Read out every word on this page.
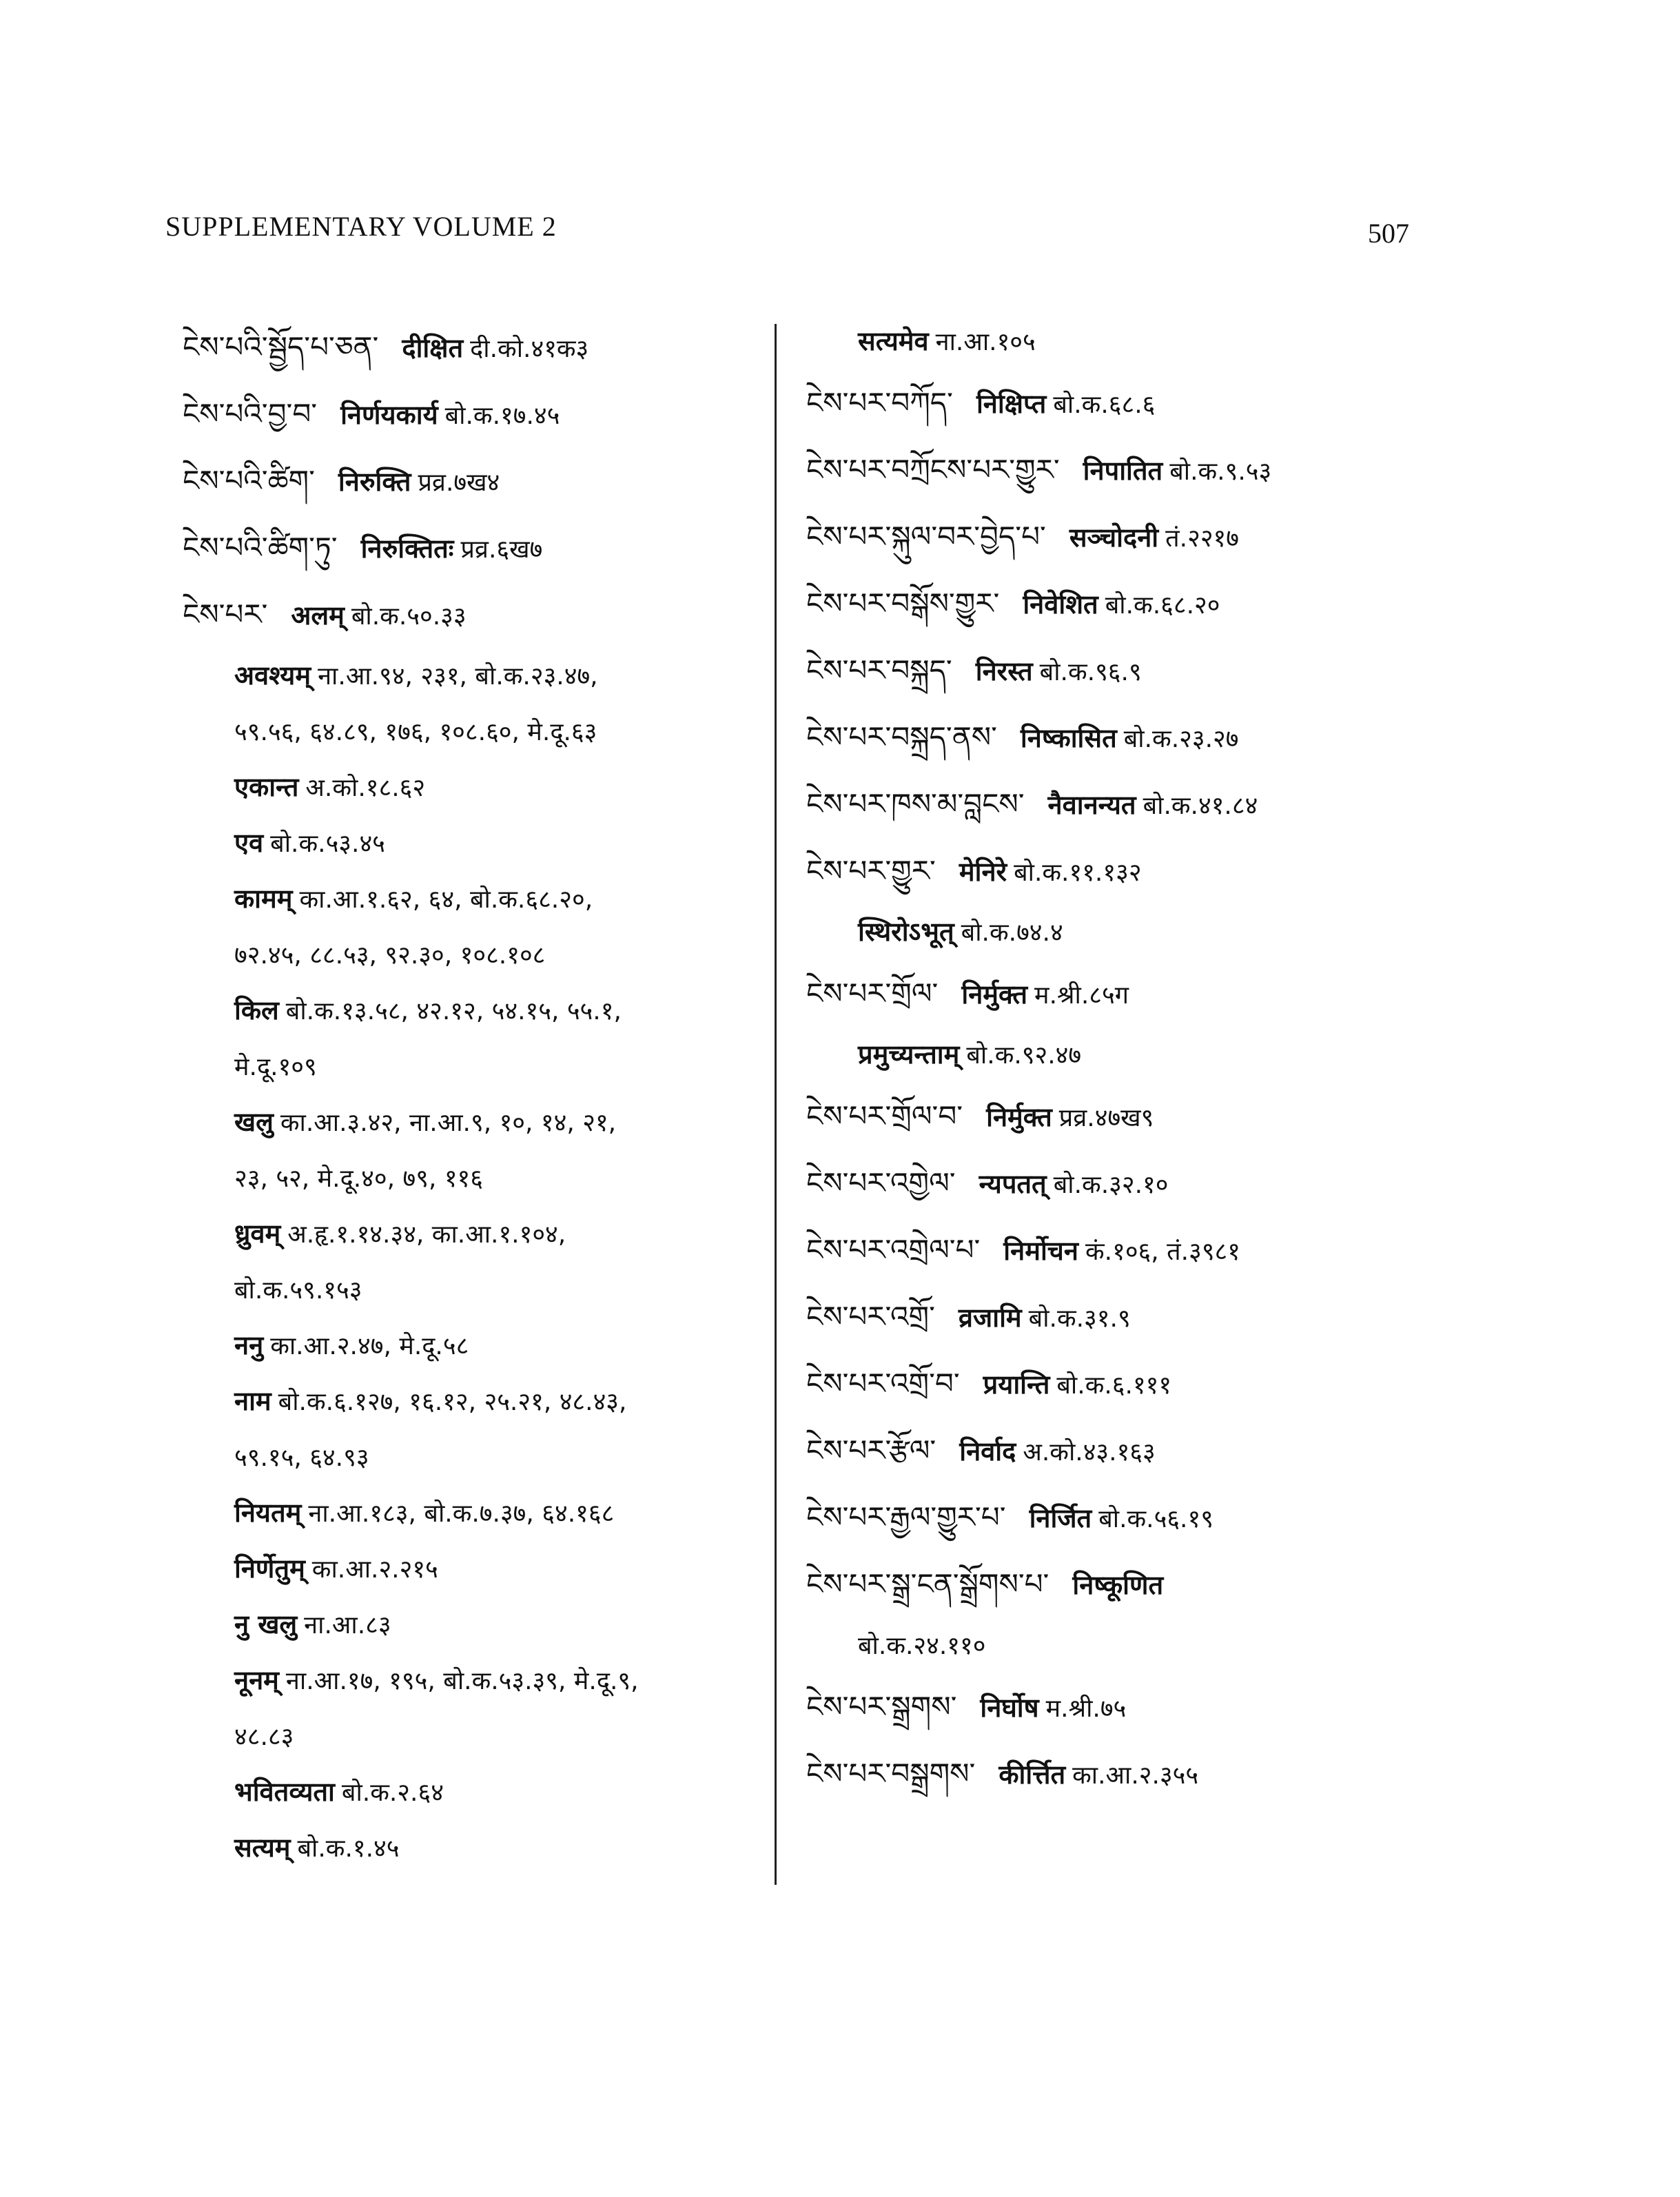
SUPPLEMENTARY VOLUME 2	507
ངེས་པའི་སྦྱོད་པ་ཅན་ दीक्षित दी.को.४१क३
ངེས་པའི་བྱ་བ་ निर्णयकार्य बो.क.१७.४५
ངེས་པའི་ཚིག་ निरुक्ति प्रव्र.७ख४
ངེས་པའི་ཚིག་ཏུ་ निरुक्तितः प्रव्र.६ख७
ངེས་པར་ अलम् बो.क.५०.३३
अवश्यम् ना.आ.९४, २३१, बो.क.२३.४७,
५९.५६, ६४.८९, १७६, १०८.६०, मे.दू.६३
एकान्त अ.को.१८.६२
एव बो.क.५३.४५
कामम् का.आ.१.६२, ६४, बो.क.६८.२०,
७२.४५, ८८.५३, ९२.३०, १०८.१०८
किल बो.क.१३.५८, ४२.१२, ५४.१५, ५५.१,
मे.दू.१०९
खलु का.आ.३.४२, ना.आ.९, १०, १४, २१,
२३, ५२, मे.दू.४०, ७९, ११६
ध्रुवम् अ.हृ.१.१४.३४, का.आ.१.१०४,
बो.क.५९.१५३
ननु का.आ.२.४७, मे.दू.५८
नाम बो.क.६.१२७, १६.१२, २५.२१, ४८.४३,
५९.१५, ६४.९३
नियतम् ना.आ.१८३, बो.क.७.३७, ६४.१६८
निर्णेतुम् का.आ.२.२१५
नु खलु ना.आ.८३
नूनम् ना.आ.१७, १९५, बो.क.५३.३९, मे.दू.९,
४८.८३
भवितव्यता बो.क.२.६४
सत्यम् बो.क.१.४५
सत्यमेव ना.आ.१०५
ངེས་པར་བཀོད་ निक्षिप्त बो.क.६८.६
ངེས་པར་བཀྲོངས་པར་གྱུར་ निपातित बो.क.९.५३
ངེས་པར་སྐུལ་བར་བྱེད་པ་ सञ्चोदनी तं.२२१७
ངེས་པར་བསྒོས་གྱུར་ निवेशित बो.क.६८.२०
ངེས་པར་བསྐྲད་ निरस्त बो.क.९६.९
ངེས་པར་བསྐྲད་ནས་ निष्कासित बो.क.२३.२७
ངེས་པར་ཁས་མ་བླངས་ नैवानन्यत बो.क.४१.८४
ངེས་པར་གྱུར་ मेनिरे बो.क.११.१३२
स्थिरोऽभूत् बो.क.७४.४
ངེས་པར་གྲོལ་ निर्मुक्त म.श्री.८५ग
प्रमुच्यन्ताम् बो.क.९२.४७
ངེས་པར་གྲོལ་བ་ निर्मुक्त प्रव्र.४७ख९
ངེས་པར་འགྱེལ་ न्यपतत् बो.क.३२.१०
ངེས་པར་འགྲེལ་པ་ निर्मोचन कं.१०६, तं.३९८१
ངེས་པར་འགྲོ་ व्रजामि बो.क.३१.९
ངེས་པར་འགྲོ་བ་ प्रयान्ति बो.क.६.१११
ངེས་པར་རྩོལ་ निर्वाद अ.को.४३.१६३
ངེས་པར་རྒྱལ་གྱུར་པ་ निर्जित बो.क.५६.१९
ངེས་པར་སྒྲ་ངན་སྒྲོགས་པ་ निष्कूणित
बो.क.२४.११०
ངེས་པར་སྒྲགས་ निर्घोष म.श्री.७५
ངེས་པར་བསྒྲགས་ कीर्त्तित का.आ.२.३५५
